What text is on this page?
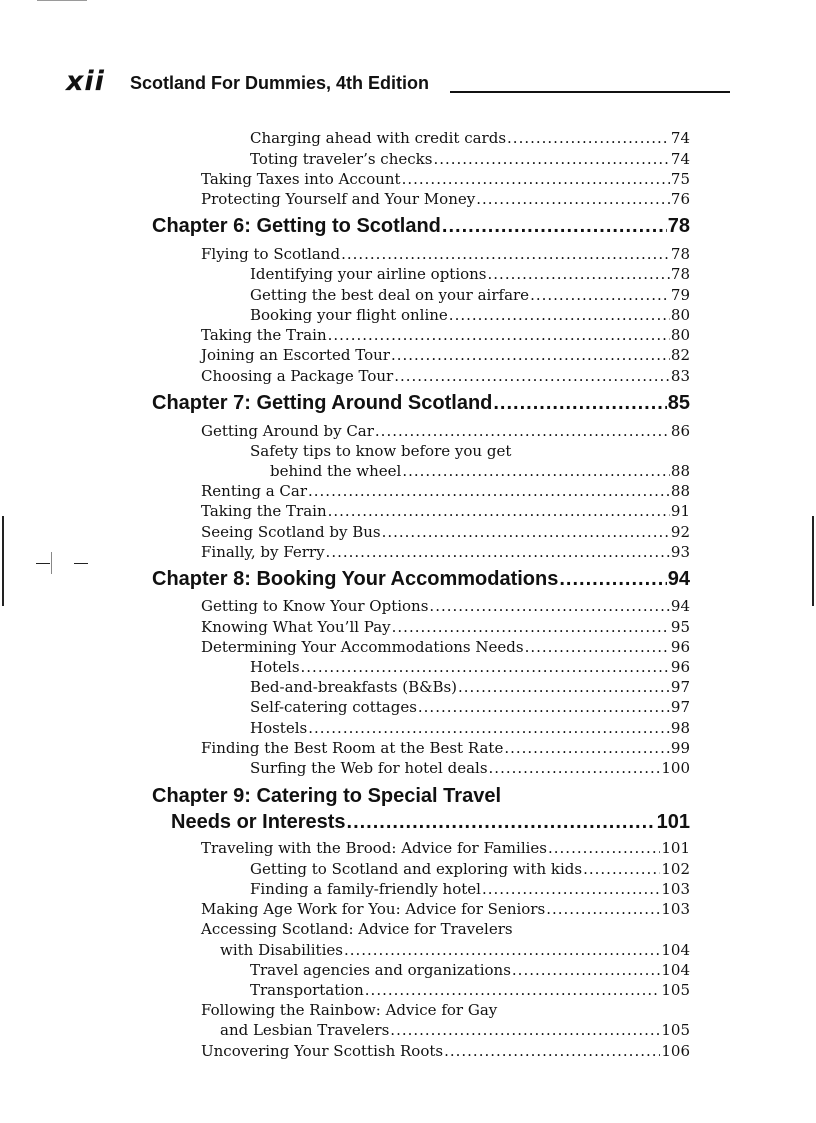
xii Scotland For Dummies, 4th Edition
Charging ahead with credit cards .....	74
Toting traveler’s checks .....	74
Taking Taxes into Account .....	75
Protecting Yourself and Your Money .....	76
Chapter 6: Getting to Scotland .....	78
Flying to Scotland .....	78
Identifying your airline options .....	78
Getting the best deal on your airfare .....	79
Booking your flight online .....	80
Taking the Train .....	80
Joining an Escorted Tour .....	82
Choosing a Package Tour .....	83
Chapter 7: Getting Around Scotland .....	85
Getting Around by Car .....	86
Safety tips to know before you get
behind the wheel .....	88
Renting a Car .....	88
Taking the Train .....	91
Seeing Scotland by Bus .....	92
Finally, by Ferry .....	93
Chapter 8: Booking Your Accommodations .....	94
Getting to Know Your Options .....	94
Knowing What You’ll Pay .....	95
Determining Your Accommodations Needs .....	96
Hotels .....	96
Bed-and-breakfasts (B&Bs) .....	97
Self-catering cottages .....	97
Hostels .....	98
Finding the Best Room at the Best Rate .....	99
Surfing the Web for hotel deals .....	100
Chapter 9: Catering to Special Travel
Needs or Interests .....	101
Traveling with the Brood: Advice for Families .....	101
Getting to Scotland and exploring with kids .....	102
Finding a family-friendly hotel .....	103
Making Age Work for You: Advice for Seniors .....	103
Accessing Scotland: Advice for Travelers
with Disabilities .....	104
Travel agencies and organizations .....	104
Transportation .....	105
Following the Rainbow: Advice for Gay
and Lesbian Travelers .....	105
Uncovering Your Scottish Roots .....	106
